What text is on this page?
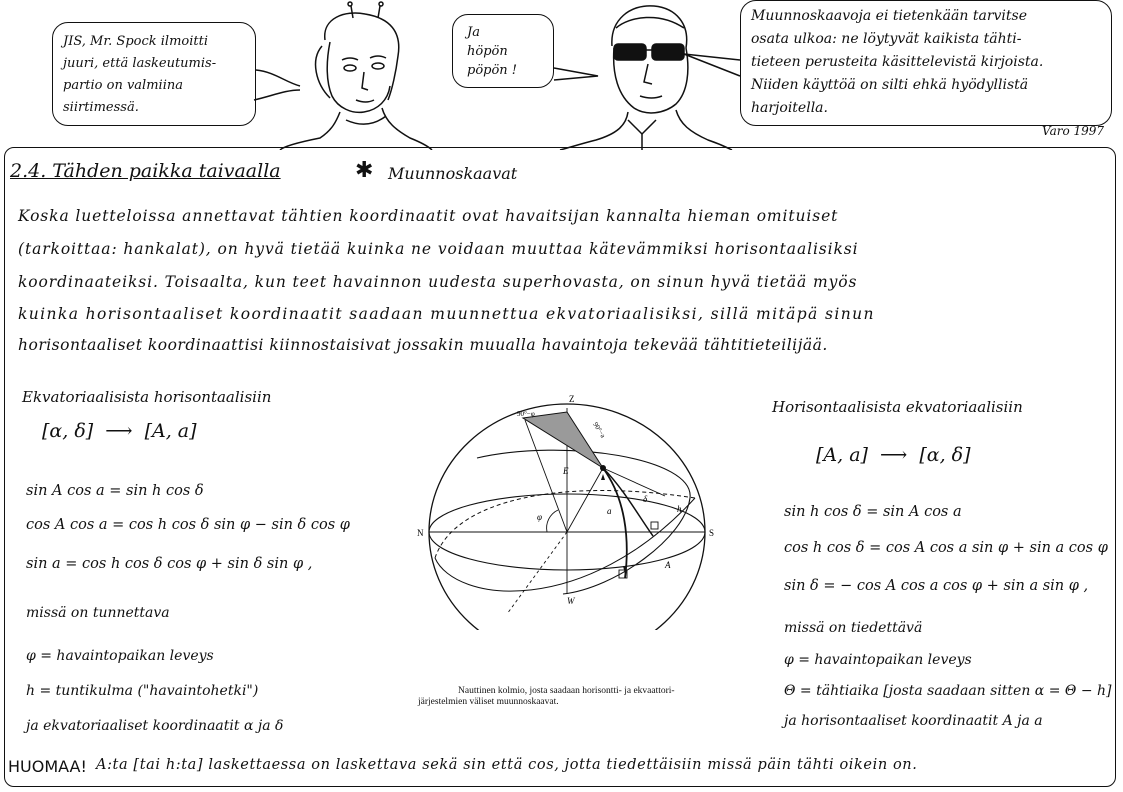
JIS, Mr. Spock ilmoitti
juuri, että laskeutumis-
partio on valmiina
siirtimessä.
Ja
höpön
pöpön !
Muunnoskaavoja ei tietenkään tarvitse
osata ulkoa: ne löytyvät kaikista tähti-
tieteen perusteita käsittelevistä kirjoista.
Niiden käyttöä on silti ehkä hyödyllistä
harjoitella.
Varo 1997
2.4. Tähden paikka taivaalla	✱ Muunnoskaavat
Koska luetteloissa annettavat tähtien koordinaatit ovat havaitsijan kannalta hieman omituiset
(tarkoittaa: hankalat), on hyvä tietää kuinka ne voidaan muuttaa kätevämmiksi horisontaalisiksi
koordinaateiksi. Toisaalta, kun teet havainnon uudesta superhovasta, on sinun hyvä tietää myös
kuinka horisontaaliset koordinaatit saadaan muunnettua ekvatoriaalisiksi, sillä mitäpä sinun
horisontaaliset koordinaattisi kiinnostaisivat jossakin muualla havaintoja tekevää tähtitieteilijää.
Ekvatoriaalisista horisontaalisiin
[α, δ]  ⟶  [A, a]
sin A cos a = sin h cos δ
cos A cos a = cos h cos δ sin φ − sin δ cos φ
sin a = cos h cos δ cos φ + sin δ sin φ ,
missä on tunnettava
φ = havaintopaikan leveys
h = tuntikulma ("havaintohetki")
ja ekvatoriaaliset koordinaatit α ja δ
Horisontaalisista ekvatoriaalisiin
[A, a]  ⟶  [α, δ]
sin h cos δ = sin A cos a
cos h cos δ = cos A cos a sin φ + sin a cos φ
sin δ = − cos A cos a cos φ + sin a sin φ ,
missä on tiedettävä
φ = havaintopaikan leveys
Θ = tähtiaika [josta saadaan sitten α = Θ − h]
ja horisontaaliset koordinaatit A ja a
Z
N	S
E
W
φ
a
δ
h
A
90°−φ
90°−a
Nauttinen kolmio, josta saadaan horisontti- ja ekvaattori-
järjestelmien väliset muunnoskaavat.
HUOMAA! A:ta [tai h:ta] laskettaessa on laskettava sekä sin että cos, jotta tiedettäisiin missä päin tähti oikein on.
